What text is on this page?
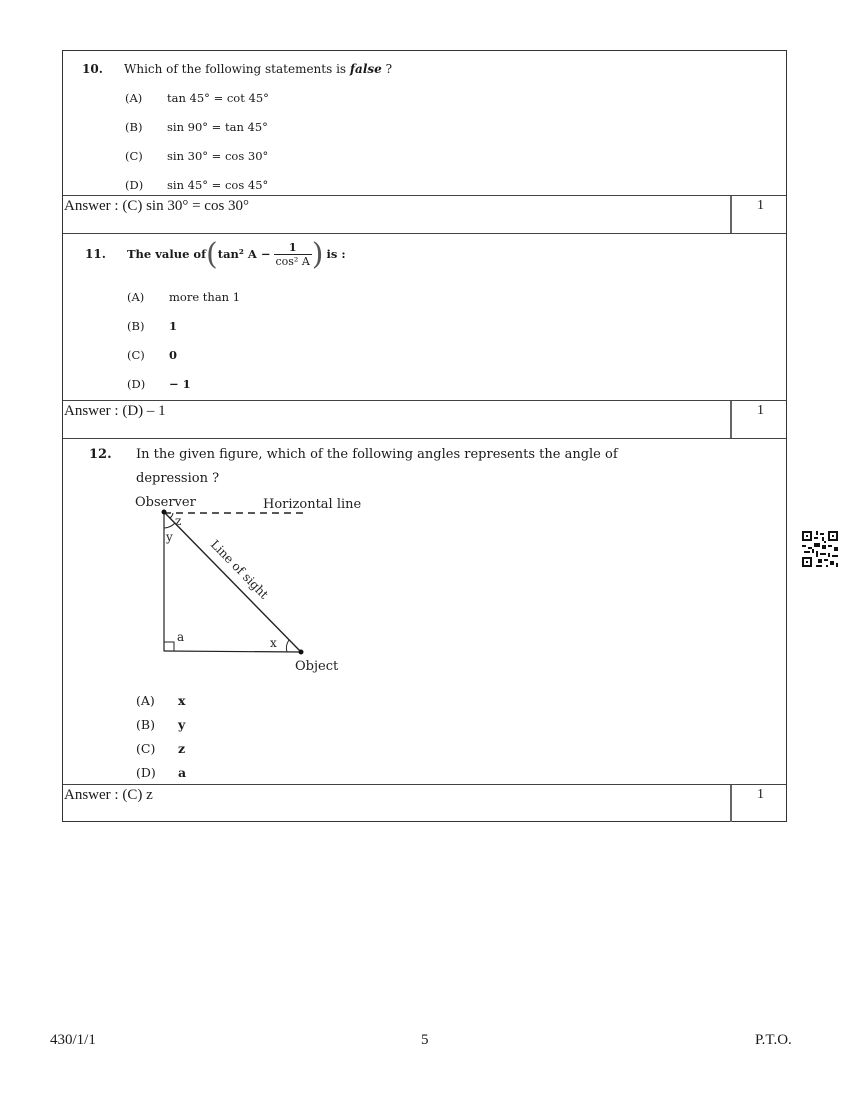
10. Which of the following statements is false ?
(A) tan 45° = cot 45°
(B) sin 90° = tan 45°
(C) sin 30° = cos 30°
(D) sin 45° = cos 45°
Answer : (C) sin 30° = cos 30°	1
11. The value of ( tan² $A - \frac{1}{\text{cos² A}}$ ) is :
(A) more than 1
(B) 1
(C) 0
(D) − 1
Answer : (D) – 1	1
12. In the given figure, which of the following angles represents the angle of
depression ?
Observer	Horizontal line
z
y
x
a
Object
Line of sight
(A) x
(B) y
(C) z
(D) a
Answer : (C) z	1
430/1/1	5	P.T.O.
